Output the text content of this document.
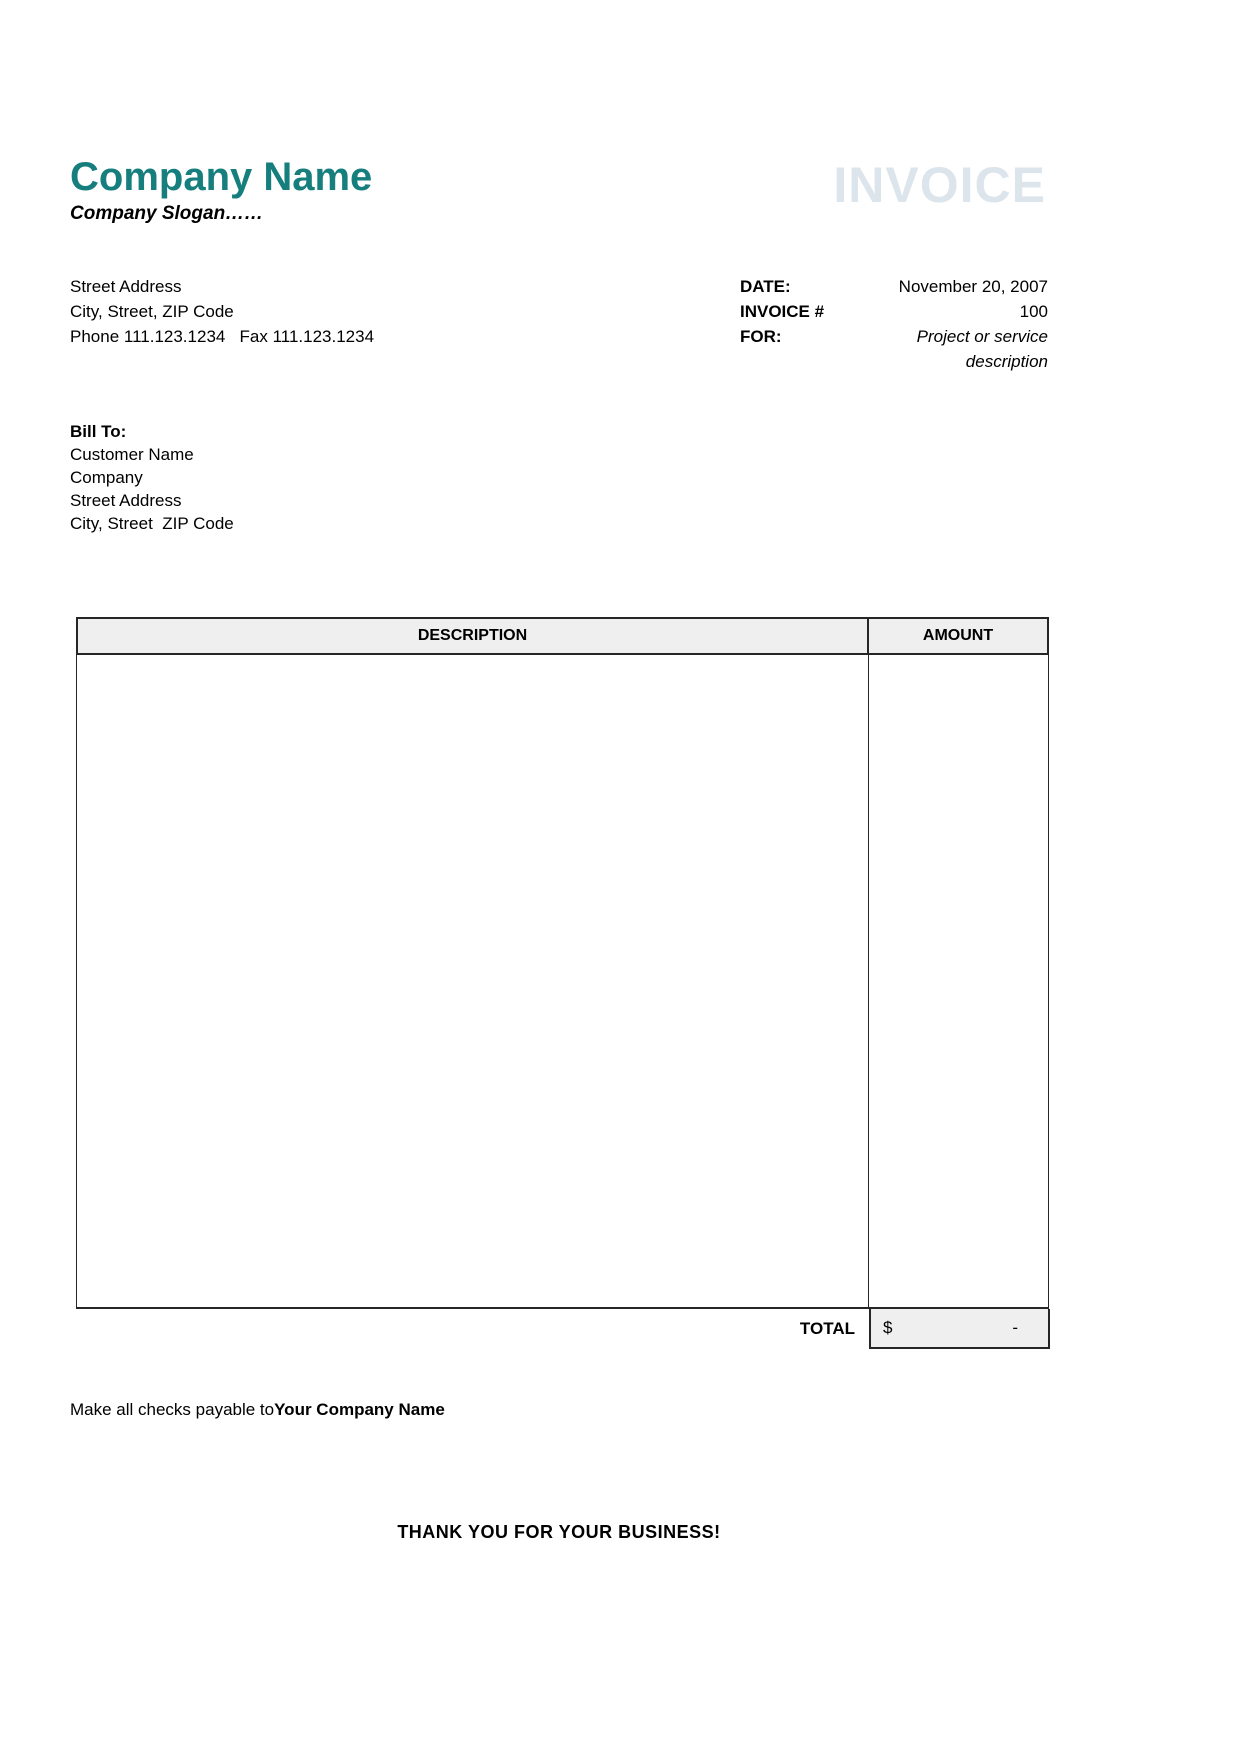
Company Name	INVOICE
Company Slogan……
Street Address
City, Street, ZIP Code
Phone 111.123.1234   Fax 111.123.1234
DATE:	November 20, 2007
INVOICE #	100
FOR:	Project or service description
Bill To:
Customer Name
Company
Street Address
City, Street  ZIP Code
DESCRIPTION	AMOUNT
TOTAL	$	-
Make all checks payable toYour Company Name
THANK YOU FOR YOUR BUSINESS!
